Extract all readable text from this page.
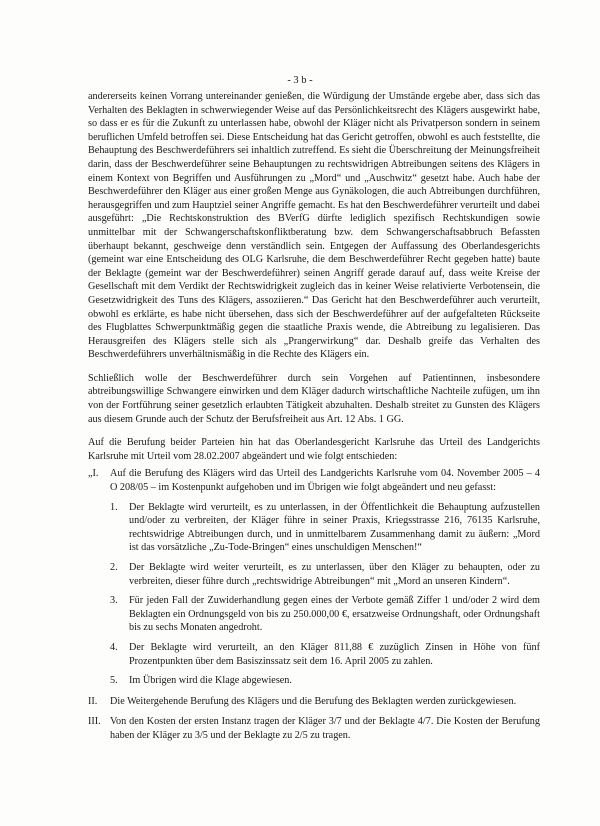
- 3 b -

andererseits keinen Vorrang untereinander genießen, die Würdigung der Umstände ergebe aber, dass sich das Verhalten des Beklagten in schwerwiegender Weise auf das Persönlichkeitsrecht des Klägers ausgewirkt habe, so dass er es für die Zukunft zu unterlassen habe, obwohl der Kläger nicht als Privatperson sondern in seinem beruflichen Umfeld betroffen sei. Diese Entscheidung hat das Gericht getroffen, obwohl es auch feststellte, die Behauptung des Beschwerdeführers sei inhaltlich zutreffend. Es sieht die Überschreitung der Meinungsfreiheit darin, dass der Beschwerdeführer seine Behauptungen zu rechtswidrigen Abtreibungen seitens des Klägers in einem Kontext von Begriffen und Ausführungen zu „Mord“ und „Auschwitz“ gesetzt habe. Auch habe der Beschwerdeführer den Kläger aus einer großen Menge aus Gynäkologen, die auch Abtreibungen durchführen, herausgegriffen und zum Hauptziel seiner Angriffe gemacht. Es hat den Beschwerdeführer verurteilt und dabei ausgeführt: „Die Rechtskonstruktion des BVerfG dürfte lediglich spezifisch Rechtskundigen sowie unmittelbar mit der Schwangerschaftskonfliktberatung bzw. dem Schwangerschaftsabbruch Befassten überhaupt bekannt, geschweige denn verständlich sein. Entgegen der Auffassung des Oberlandesgerichts (gemeint war eine Entscheidung des OLG Karlsruhe, die dem Beschwerdeführer Recht gegeben hatte) baute der Beklagte (gemeint war der Beschwerdeführer) seinen Angriff gerade darauf auf, dass weite Kreise der Gesellschaft mit dem Verdikt der Rechtswidrigkeit zugleich das in keiner Weise relativierte Verbotensein, die Gesetzwidrigkeit des Tuns des Klägers, assoziieren.“ Das Gericht hat den Beschwerdeführer auch verurteilt, obwohl es erklärte, es habe nicht übersehen, dass sich der Beschwerdeführer auf der aufgefalteten Rückseite des Flugblattes Schwerpunktmäßig gegen die staatliche Praxis wende, die Abtreibung zu legalisieren. Das Herausgreifen des Klägers stelle sich als „Prangerwirkung“ dar. Deshalb greife das Verhalten des Beschwerdeführers unverhältnismäßig in die Rechte des Klägers ein.

Schließlich wolle der Beschwerdeführer durch sein Vorgehen auf Patientinnen, insbesondere abtreibungswillige Schwangere einwirken und dem Kläger dadurch wirtschaftliche Nachteile zufügen, um ihn von der Fortführung seiner gesetzlich erlaubten Tätigkeit abzuhalten. Deshalb streitet zu Gunsten des Klägers aus diesem Grunde auch der Schutz der Berufsfreiheit aus Art. 12 Abs. 1 GG.

Auf die Berufung beider Parteien hin hat das Oberlandesgericht Karlsruhe das Urteil des Landgerichts Karlsruhe mit Urteil vom 28.02.2007 abgeändert und wie folgt entschieden:

„I.	Auf die Berufung des Klägers wird das Urteil des Landgerichts Karlsruhe vom 04. November 2005 – 4 O 208/05 – im Kostenpunkt aufgehoben und im Übrigen wie folgt abgeändert und neu gefasst:

1.	Der Beklagte wird verurteilt, es zu unterlassen, in der Öffentlichkeit die Behauptung aufzustellen und/oder zu verbreiten, der Kläger führe in seiner Praxis, Kriegsstrasse 216, 76135 Karlsruhe, rechtswidrige Abtreibungen durch, und in unmittelbarem Zusammenhang damit zu äußern: „Mord ist das vorsätzliche „Zu-Tode-Bringen“ eines unschuldigen Menschen!“
2.	Der Beklagte wird weiter verurteilt, es zu unterlassen, über den Kläger zu behaupten, oder zu verbreiten, dieser führe durch „rechtswidrige Abtreibungen“ mit „Mord an unseren Kindern“.
3.	Für jeden Fall der Zuwiderhandlung gegen eines der Verbote gemäß Ziffer 1 und/oder 2 wird dem Beklagten ein Ordnungsgeld von bis zu 250.000,00 €, ersatzweise Ordnungshaft, oder Ordnungshaft bis zu sechs Monaten angedroht.
4.	Der Beklagte wird verurteilt, an den Kläger 811,88 € zuzüglich Zinsen in Höhe von fünf Prozentpunkten über dem Basiszinssatz seit dem 16. April 2005 zu zahlen.
5.	Im Übrigen wird die Klage abgewiesen.
II.	Die Weitergehende Berufung des Klägers und die Berufung des Beklagten werden zurückgewiesen.
III. Von den Kosten der ersten Instanz tragen der Kläger 3/7 und der Beklagte 4/7. Die Kosten der Berufung haben der Kläger zu 3/5 und der Beklagte zu 2/5 zu tragen.
